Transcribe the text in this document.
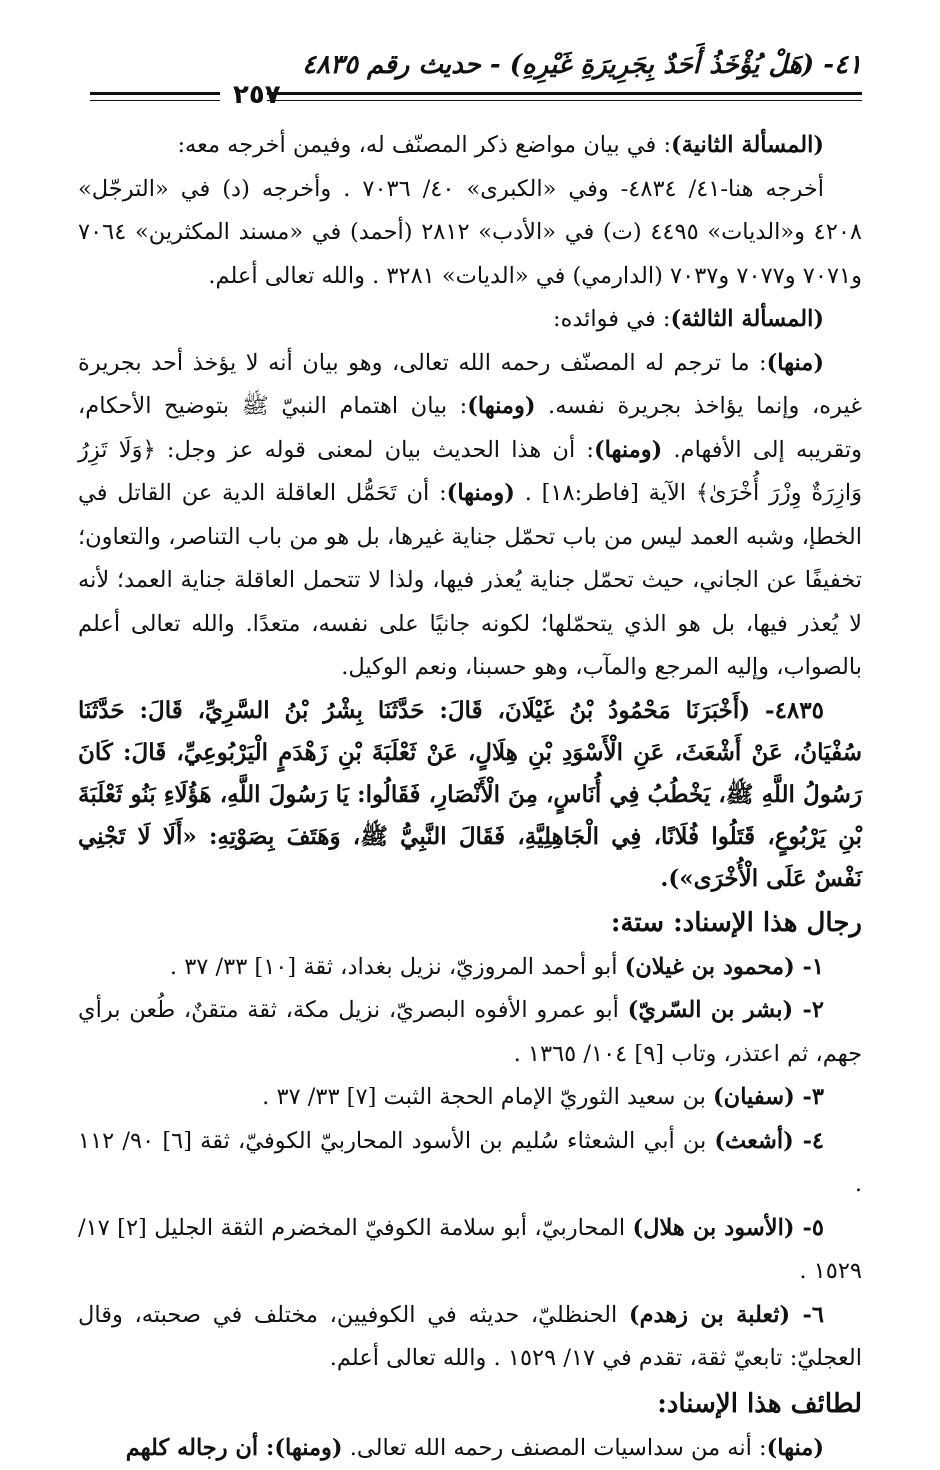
٤١- (هَلْ يُؤْخَذُ أَحَدٌ بِجَرِيرَةِ غَيْرِهِ) - حديث رقم ٤٨٣٥
٢٥٧

(المسألة الثانية): في بيان مواضع ذكر المصنّف له، وفيمن أخرجه معه:

أخرجه هنا-٤١/ ٤٨٣٤- وفي «الكبرى» ٤٠/ ٧٠٣٦ . وأخرجه (د) في «الترجّل» ٤٢٠٨ و«الديات» ٤٤٩٥ (ت) في «الأدب» ٢٨١٢ (أحمد) في «مسند المكثرين» ٧٠٦٤ و٧٠٧١ و٧٠٧٧ و٧٠٣٧ (الدارمي) في «الديات» ٣٢٨١ . والله تعالى أعلم.

(المسألة الثالثة): في فوائده:

(منها): ما ترجم له المصنّف رحمه الله تعالى، وهو بيان أنه لا يؤخذ أحد بجريرة غيره، وإنما يؤاخذ بجريرة نفسه. (ومنها): بيان اهتمام النبيّ ﷺ بتوضيح الأحكام، وتقريبه إلى الأفهام. (ومنها): أن هذا الحديث بيان لمعنى قوله عز وجل: ﴿وَلَا تَزِرُ وَازِرَةٌ وِزْرَ أُخْرَىٰ﴾ الآية [فاطر:١٨] . (ومنها): أن تَحَمُّل العاقلة الدية عن القاتل في الخطإ، وشبه العمد ليس من باب تحمّل جناية غيرها، بل هو من باب التناصر، والتعاون؛ تخفيفًا عن الجاني، حيث تحمّل جناية يُعذر فيها، ولذا لا تتحمل العاقلة جناية العمد؛ لأنه لا يُعذر فيها، بل هو الذي يتحمّلها؛ لكونه جانيًا على نفسه، متعدًا. والله تعالى أعلم بالصواب، وإليه المرجع والمآب، وهو حسبنا، ونعم الوكيل.

٤٨٣٥- (أَخْبَرَنَا مَحْمُودُ بْنُ غَيْلَانَ، قَالَ: حَدَّثَنَا بِشْرُ بْنُ السَّرِيِّ، قَالَ: حَدَّثَنَا سُفْيَانُ، عَنْ أَشْعَثَ، عَنِ الْأَسْوَدِ بْنِ هِلَالٍ، عَنْ ثَعْلَبَةَ بْنِ زَهْدَمٍ الْيَرْبُوعِيِّ، قَالَ: كَانَ رَسُولُ اللَّهِ ﷺ، يَخْطُبُ فِي أُنَاسٍ، مِنَ الْأَنْصَارِ، فَقَالُوا: يَا رَسُولَ اللَّهِ، هَؤُلَاءِ بَنُو ثَعْلَبَةَ بْنِ يَرْبُوعٍ، قَتَلُوا فُلَانًا، فِي الْجَاهِلِيَّةِ، فَقَالَ النَّبِيُّ ﷺ، وَهَتَفَ بِصَوْتِهِ: «أَلَا لَا تَجْنِي نَفْسٌ عَلَى الْأُخْرَى»).

رجال هذا الإسناد: ستة:

١- (محمود بن غيلان) أبو أحمد المروزيّ، نزيل بغداد، ثقة [١٠] ٣٣/ ٣٧ .

٢- (بشر بن السّريّ) أبو عمرو الأفوه البصريّ، نزيل مكة، ثقة متقنٌ، طُعن برأي جهم، ثم اعتذر، وتاب [٩] ١٠٤/ ١٣٦٥ .

٣- (سفيان) بن سعيد الثوريّ الإمام الحجة الثبت [٧] ٣٣/ ٣٧ .

٤- (أشعث) بن أبي الشعثاء سُليم بن الأسود المحاربيّ الكوفيّ، ثقة [٦] ٩٠/ ١١٢ .

٥- (الأسود بن هلال) المحاربيّ، أبو سلامة الكوفيّ المخضرم الثقة الجليل [٢] ١٧/ ١٥٢٩ .

٦- (ثعلبة بن زهدم) الحنظليّ، حديثه في الكوفيين، مختلف في صحبته، وقال العجليّ: تابعيّ ثقة، تقدم في ١٧/ ١٥٢٩ . والله تعالى أعلم.

لطائف هذا الإسناد:

(منها): أنه من سداسيات المصنف رحمه الله تعالى. (ومنها): أن رجاله كلهم
